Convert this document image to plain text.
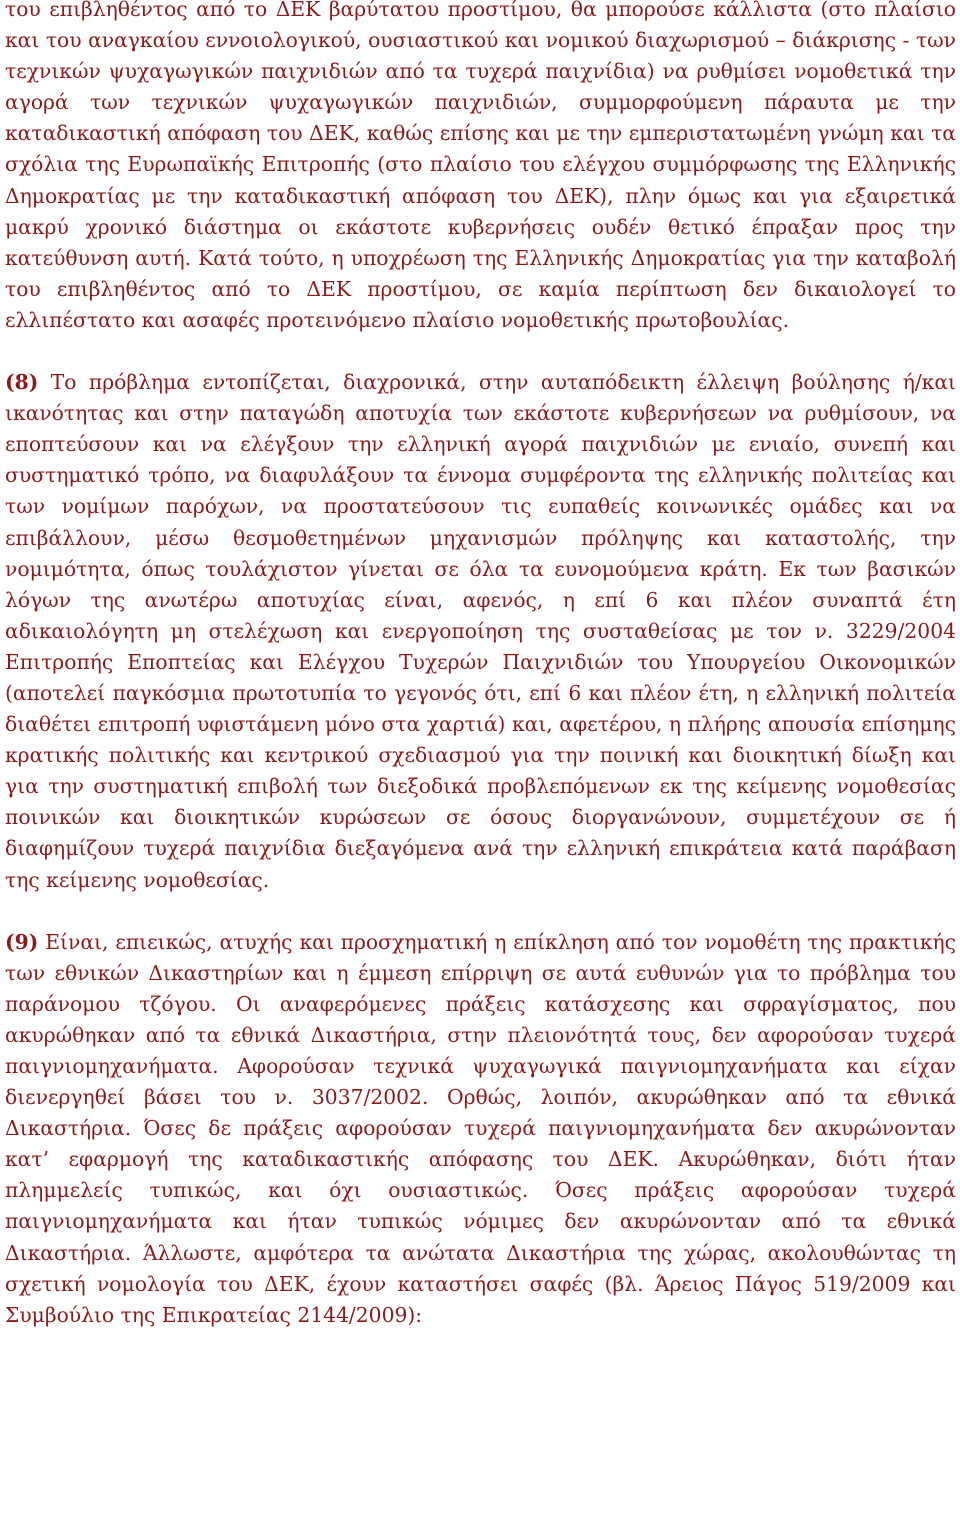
του επιβληθέντος από το ΔΕΚ βαρύτατου προστίμου, θα μπορούσε κάλλιστα (στο πλαίσιο και του αναγκαίου εννοιολογικού, ουσιαστικού και νομικού διαχωρισμού – διάκρισης - των τεχνικών ψυχαγωγικών παιχνιδιών από τα τυχερά παιχνίδια) να ρυθμίσει νομοθετικά την αγορά των τεχνικών ψυχαγωγικών παιχνιδιών, συμμορφούμενη πάραυτα με την καταδικαστική απόφαση του ΔΕΚ, καθώς επίσης και με την εμπεριστατωμένη γνώμη και τα σχόλια της Ευρωπαϊκής Επιτροπής (στο πλαίσιο του ελέγχου συμμόρφωσης της Ελληνικής Δημοκρατίας με την καταδικαστική απόφαση του ΔΕΚ), πλην όμως και για εξαιρετικά μακρύ χρονικό διάστημα οι εκάστοτε κυβερνήσεις ουδέν θετικό έπραξαν προς την κατεύθυνση αυτή. Κατά τούτο, η υποχρέωση της Ελληνικής Δημοκρατίας για την καταβολή του επιβληθέντος από το ΔΕΚ προστίμου, σε καμία περίπτωση δεν δικαιολογεί το ελλιπέστατο και ασαφές προτεινόμενο πλαίσιο νομοθετικής πρωτοβουλίας.

(8) Το πρόβλημα εντοπίζεται, διαχρονικά, στην αυταπόδεικτη έλλειψη βούλησης ή/και ικανότητας και στην παταγώδη αποτυχία των εκάστοτε κυβερνήσεων να ρυθμίσουν, να εποπτεύσουν και να ελέγξουν την ελληνική αγορά παιχνιδιών με ενιαίο, συνεπή και συστηματικό τρόπο, να διαφυλάξουν τα έννομα συμφέροντα της ελληνικής πολιτείας και των νομίμων παρόχων, να προστατεύσουν τις ευπαθείς κοινωνικές ομάδες και να επιβάλλουν, μέσω θεσμοθετημένων μηχανισμών πρόληψης και καταστολής, την νομιμότητα, όπως τουλάχιστον γίνεται σε όλα τα ευνομούμενα κράτη. Εκ των βασικών λόγων της ανωτέρω αποτυχίας είναι, αφενός, η επί 6 και πλέον συναπτά έτη αδικαιολόγητη μη στελέχωση και ενεργοποίηση της συσταθείσας με τον ν. 3229/2004 Επιτροπής Εποπτείας και Ελέγχου Τυχερών Παιχνιδιών του Υπουργείου Οικονομικών (αποτελεί παγκόσμια πρωτοτυπία το γεγονός ότι, επί 6 και πλέον έτη, η ελληνική πολιτεία διαθέτει επιτροπή υφιστάμενη μόνο στα χαρτιά) και, αφετέρου, η πλήρης απουσία επίσημης κρατικής πολιτικής και κεντρικού σχεδιασμού για την ποινική και διοικητική δίωξη και για την συστηματική επιβολή των διεξοδικά προβλεπόμενων εκ της κείμενης νομοθεσίας ποινικών και διοικητικών κυρώσεων σε όσους διοργανώνουν, συμμετέχουν σε ή διαφημίζουν τυχερά παιχνίδια διεξαγόμενα ανά την ελληνική επικράτεια κατά παράβαση της κείμενης νομοθεσίας.

(9) Είναι, επιεικώς, ατυχής και προσχηματική η επίκληση από τον νομοθέτη της πρακτικής των εθνικών Δικαστηρίων και η έμμεση επίρριψη σε αυτά ευθυνών για το πρόβλημα του παράνομου τζόγου. Οι αναφερόμενες πράξεις κατάσχεσης και σφραγίσματος, που ακυρώθηκαν από τα εθνικά Δικαστήρια, στην πλειονότητά τους, δεν αφορούσαν τυχερά παιγνιομηχανήματα. Αφορούσαν τεχνικά ψυχαγωγικά παιγνιομηχανήματα και είχαν διενεργηθεί βάσει του ν. 3037/2002. Ορθώς, λοιπόν, ακυρώθηκαν από τα εθνικά Δικαστήρια. Όσες δε πράξεις αφορούσαν τυχερά παιγνιομηχανήματα δεν ακυρώνονταν κατ’ εφαρμογή της καταδικαστικής απόφασης του ΔΕΚ. Ακυρώθηκαν, διότι ήταν πλημμελείς τυπικώς, και όχι ουσιαστικώς. Όσες πράξεις αφορούσαν τυχερά παιγνιομηχανήματα και ήταν τυπικώς νόμιμες δεν ακυρώνονταν από τα εθνικά Δικαστήρια. Άλλωστε, αμφότερα τα ανώτατα Δικαστήρια της χώρας, ακολουθώντας τη σχετική νομολογία του ΔΕΚ, έχουν καταστήσει σαφές (βλ. Άρειος Πάγος 519/2009 και Συμβούλιο της Επικρατείας 2144/2009):
